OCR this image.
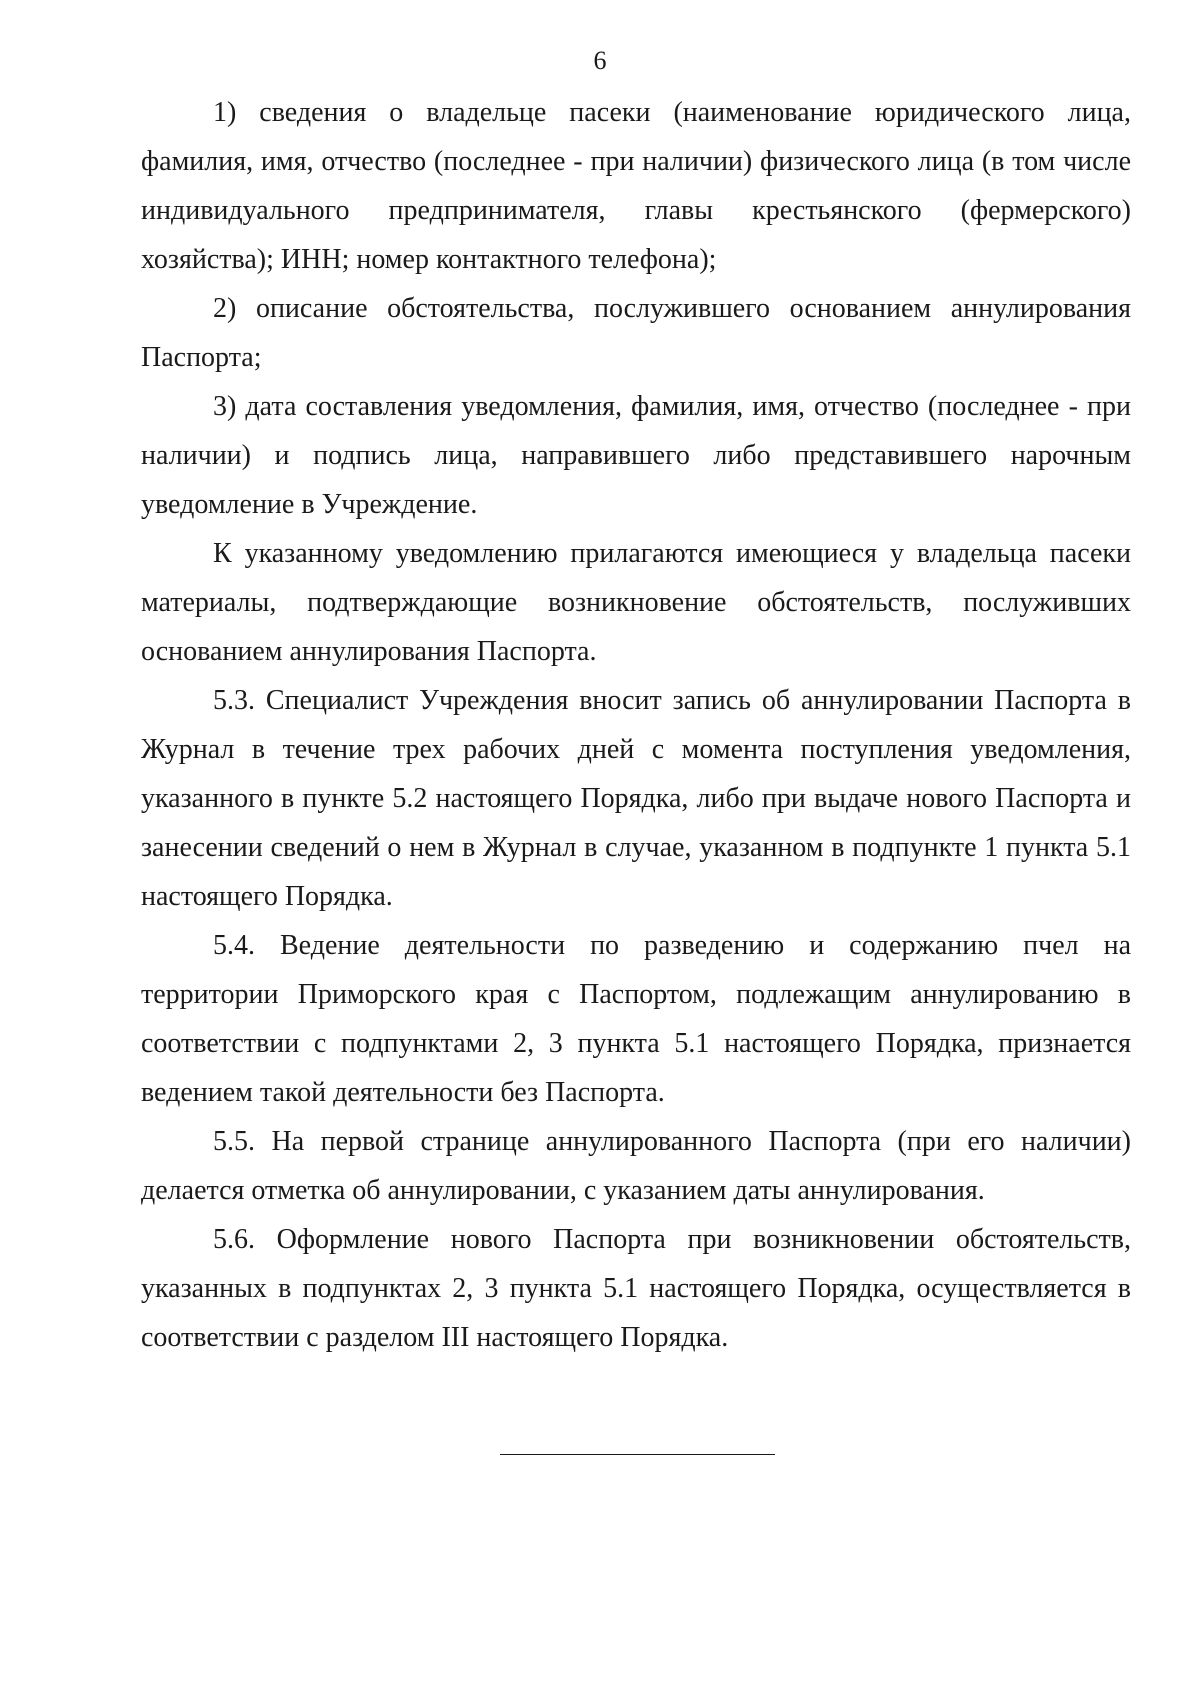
6

1) сведения о владельце пасеки (наименование юридического лица, фамилия, имя, отчество (последнее - при наличии) физического лица (в том числе индивидуального предпринимателя, главы крестьянского (фермерского) хозяйства); ИНН; номер контактного телефона);

2) описание обстоятельства, послужившего основанием аннулирования Паспорта;

3) дата составления уведомления, фамилия, имя, отчество (последнее - при наличии) и подпись лица, направившего либо представившего нарочным уведомление в Учреждение.

К указанному уведомлению прилагаются имеющиеся у владельца пасеки материалы, подтверждающие возникновение обстоятельств, послуживших основанием аннулирования Паспорта.

5.3. Специалист Учреждения вносит запись об аннулировании Паспорта в Журнал в течение трех рабочих дней с момента поступления уведомления, указанного в пункте 5.2 настоящего Порядка, либо при выдаче нового Паспорта и занесении сведений о нем в Журнал в случае, указанном в подпункте 1 пункта 5.1 настоящего Порядка.

5.4. Ведение деятельности по разведению и содержанию пчел на территории Приморского края с Паспортом, подлежащим аннулированию в соответствии с подпунктами 2, 3 пункта 5.1 настоящего Порядка, признается ведением такой деятельности без Паспорта.

5.5. На первой странице аннулированного Паспорта (при его наличии) делается отметка об аннулировании, с указанием даты аннулирования.

5.6. Оформление нового Паспорта при возникновении обстоятельств, указанных в подпунктах 2, 3 пункта 5.1 настоящего Порядка, осуществляется в соответствии с разделом III настоящего Порядка.
